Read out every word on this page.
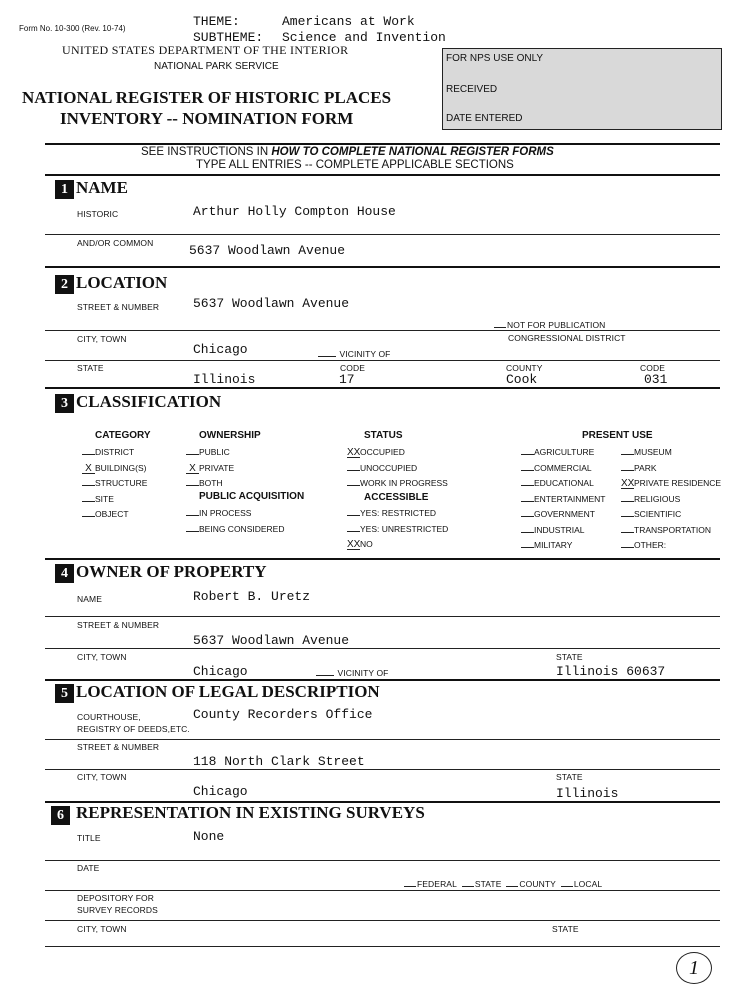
Form No. 10-300 (Rev. 10-74)	THEME:	Americans at Work
SUBTHEME: Science and Invention
UNITED STATES DEPARTMENT OF THE INTERIOR
NATIONAL PARK SERVICE
NATIONAL REGISTER OF HISTORIC PLACES
INVENTORY -- NOMINATION FORM
FOR NPS USE ONLY
RECEIVED
DATE ENTERED
SEE INSTRUCTIONS IN HOW TO COMPLETE NATIONAL REGISTER FORMS
TYPE ALL ENTRIES -- COMPLETE APPLICABLE SECTIONS
1 NAME
HISTORIC	Arthur Holly Compton House
AND/OR COMMON	5637 Woodlawn Avenue
2 LOCATION
STREET & NUMBER	5637 Woodlawn Avenue
NOT FOR PUBLICATION
CITY, TOWN	CONGRESSIONAL DISTRICT
Chicago	VICINITY OF
STATE	CODE	COUNTY	CODE
Illinois	17	Cook	031
3 CLASSIFICATION
CATEGORY	OWNERSHIP	STATUS	PRESENT USE
PUBLIC ACQUISITION	ACCESSIBLE
DISTRICT
X BUILDING(S)
STRUCTURE
SITE
OBJECT
PUBLIC
X PRIVATE
BOTH
IN PROCESS
BEING CONSIDERED
XXOCCUPIED
UNOCCUPIED
WORK IN PROGRESS
YES: RESTRICTED
YES: UNRESTRICTED
XXNO
AGRICULTURE
COMMERCIAL
EDUCATIONAL
ENTERTAINMENT
GOVERNMENT
INDUSTRIAL
MILITARY
MUSEUM
PARK
XXPRIVATE RESIDENCE
RELIGIOUS
SCIENTIFIC
TRANSPORTATION
OTHER:
4 OWNER OF PROPERTY
NAME	Robert B. Uretz
STREET & NUMBER
5637 Woodlawn Avenue
CITY, TOWN	STATE
Chicago	VICINITY OF	Illinois 60637
5 LOCATION OF LEGAL DESCRIPTION
COURTHOUSE,
REGISTRY OF DEEDS,ETC.
County Recorders Office
STREET & NUMBER
118 North Clark Street
CITY, TOWN	STATE
Chicago	Illinois
6 REPRESENTATION IN EXISTING SURVEYS
TITLE	None
DATE
FEDERAL STATE COUNTY LOCAL
DEPOSITORY FOR
SURVEY RECORDS
CITY, TOWN	STATE
1
